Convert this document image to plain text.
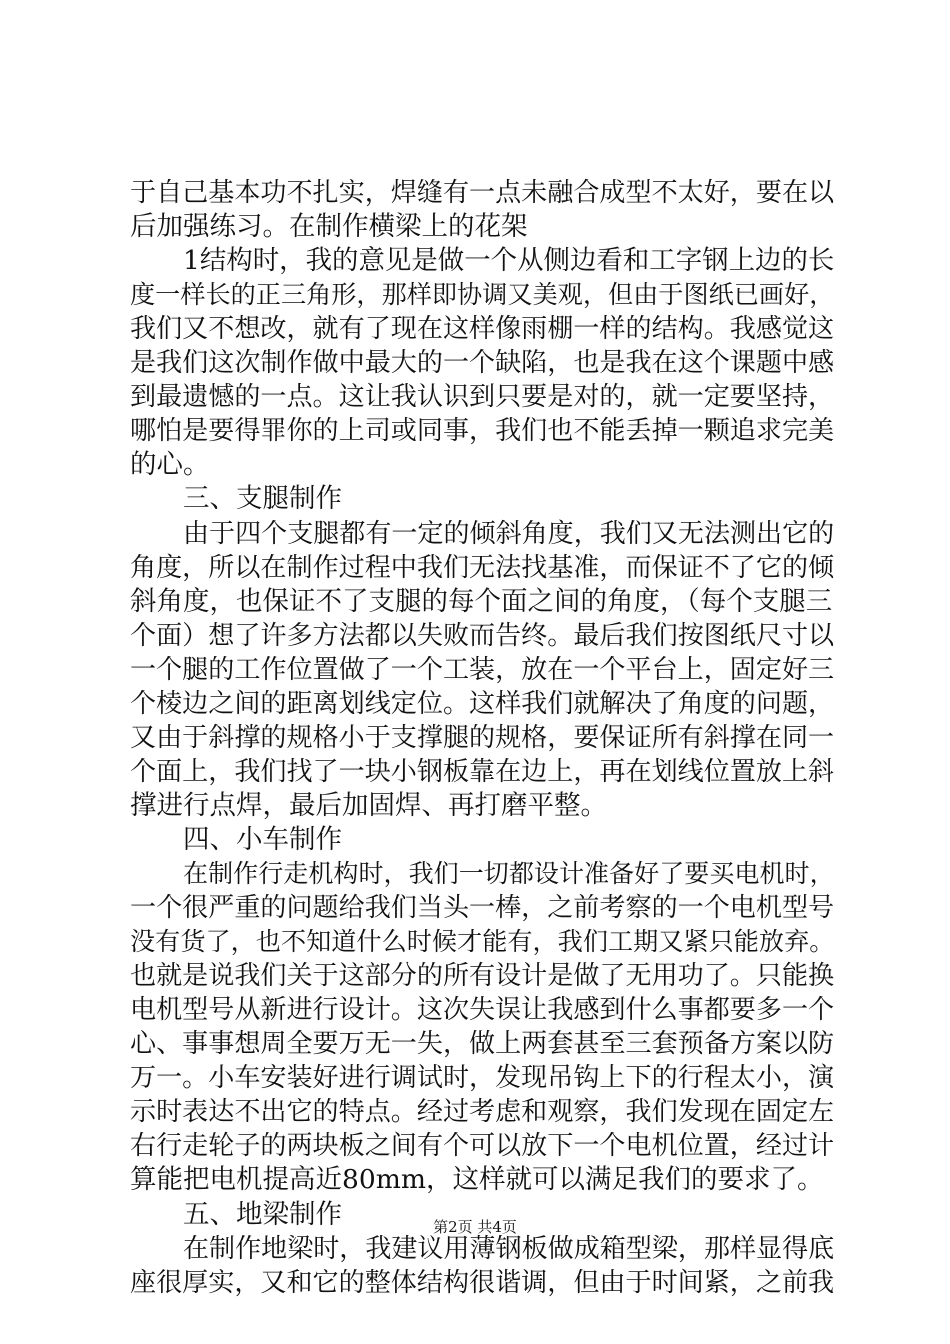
于自己基本功不扎实，焊缝有一点未融合成型不太好，要在以
后加强练习。在制作横梁上的花架
1结构时，我的意见是做一个从侧边看和工字钢上边的长
度一样长的正三角形，那样即协调又美观，但由于图纸已画好，
我们又不想改，就有了现在这样像雨棚一样的结构。我感觉这
是我们这次制作做中最大的一个缺陷，也是我在这个课题中感
到最遗憾的一点。这让我认识到只要是对的，就一定要坚持，
哪怕是要得罪你的上司或同事，我们也不能丢掉一颗追求完美
的心。
三、支腿制作
由于四个支腿都有一定的倾斜角度，我们又无法测出它的
角度，所以在制作过程中我们无法找基准，而保证不了它的倾
斜角度，也保证不了支腿的每个面之间的角度，（每个支腿三
个面）想了许多方法都以失败而告终。最后我们按图纸尺寸以
一个腿的工作位置做了一个工装，放在一个平台上，固定好三
个棱边之间的距离划线定位。这样我们就解决了角度的问题，
又由于斜撑的规格小于支撑腿的规格，要保证所有斜撑在同一
个面上，我们找了一块小钢板靠在边上，再在划线位置放上斜
撑进行点焊，最后加固焊、再打磨平整。
四、小车制作
在制作行走机构时，我们一切都设计准备好了要买电机时，
一个很严重的问题给我们当头一棒，之前考察的一个电机型号
没有货了，也不知道什么时候才能有，我们工期又紧只能放弃。
也就是说我们关于这部分的所有设计是做了无用功了。只能换
电机型号从新进行设计。这次失误让我感到什么事都要多一个
心、事事想周全要万无一失，做上两套甚至三套预备方案以防
万一。小车安装好进行调试时，发现吊钩上下的行程太小，演
示时表达不出它的特点。经过考虑和观察，我们发现在固定左
右行走轮子的两块板之间有个可以放下一个电机位置，经过计
算能把电机提高近80mm，这样就可以满足我们的要求了。
五、地梁制作
在制作地梁时，我建议用薄钢板做成箱型梁，那样显得底
座很厚实，又和它的整体结构很谐调，但由于时间紧，之前我
第2页 共4页
